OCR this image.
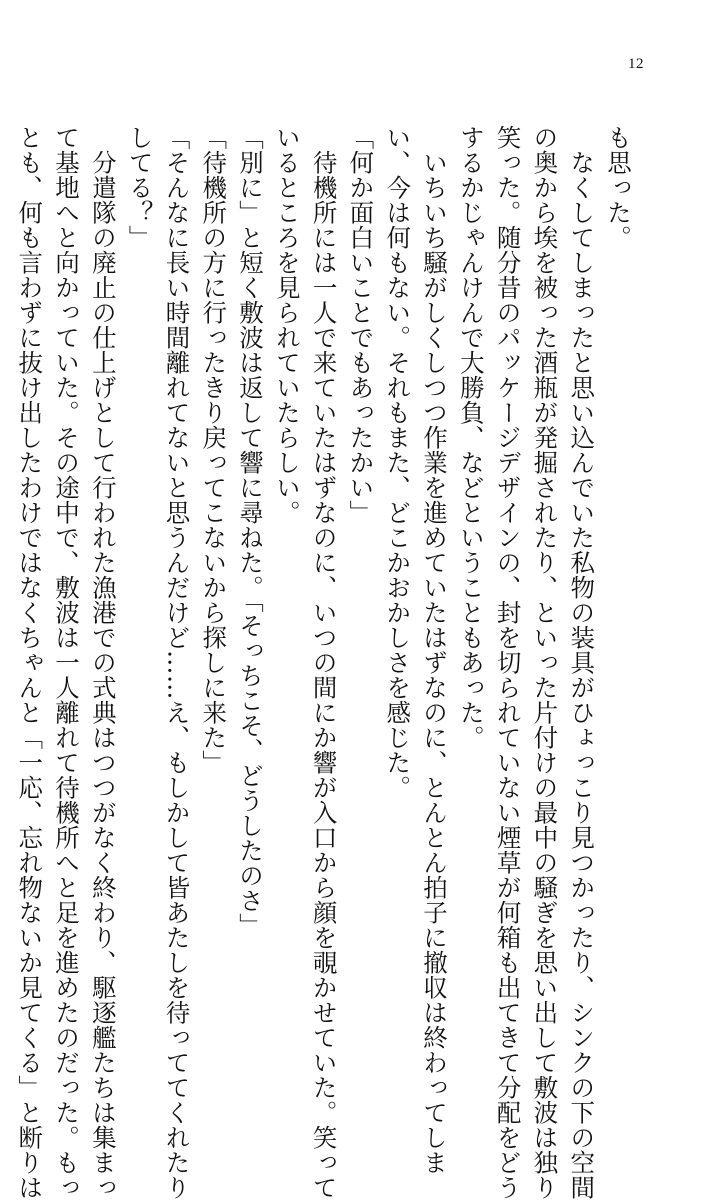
12

も思った。

　なくしてしまったと思い込んでいた私物の装具がひょっこり見つかったり、シンクの下の空間

の奥から埃を被った酒瓶が発掘されたり、といった片付けの最中の騒ぎを思い出して敷波は独り

笑った。随分昔のパッケージデザインの、封を切られていない煙草が何箱も出てきて分配をどう

するかじゃんけんで大勝負、などということもあった。

　いちいち騒がしくしつつ作業を進めていたはずなのに、とんとん拍子に撤収は終わってしま

い、今は何もない。それもまた、どこかおかしさを感じた。

「何か面白いことでもあったかい」

　待機所には一人で来ていたはずなのに、いつの間にか響が入口から顔を覗かせていた。笑って

いるところを見られていたらしい。

「別に」と短く敷波は返して響に尋ねた。「そっちこそ、どうしたのさ」

「待機所の方に行ったきり戻ってこないから探しに来た」

「そんなに長い時間離れてないと思うんだけど……え、もしかして皆あたしを待っててくれたり

してる？」

　分遣隊の廃止の仕上げとして行われた漁港での式典はつつがなく終わり、駆逐艦たちは集まっ

て基地へと向かっていた。その途中で、敷波は一人離れて待機所へと足を進めたのだった。もっ

とも、何も言わずに抜け出したわけではなくちゃんと「一応、忘れ物ないか見てくる」と断りは
